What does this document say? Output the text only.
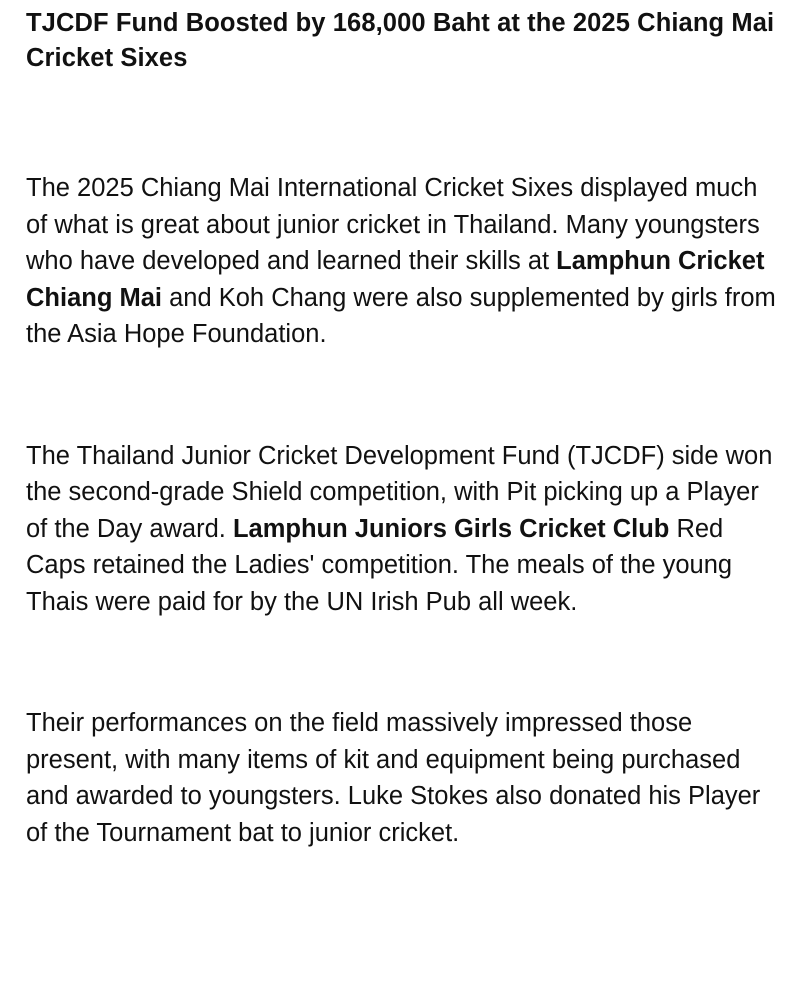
TJCDF Fund Boosted by 168,000 Baht at the 2025 Chiang Mai Cricket Sixes

The 2025 Chiang Mai International Cricket Sixes displayed much of what is great about junior cricket in Thailand. Many youngsters who have developed and learned their skills at Lamphun Cricket Chiang Mai and Koh Chang were also supplemented by girls from the Asia Hope Foundation.

The Thailand Junior Cricket Development Fund (TJCDF) side won the second-grade Shield competition, with Pit picking up a Player of the Day award. Lamphun Juniors Girls Cricket Club Red Caps retained the Ladies' competition. The meals of the young Thais were paid for by the UN Irish Pub all week.

Their performances on the field massively impressed those present, with many items of kit and equipment being purchased and awarded to youngsters. Luke Stokes also donated his Player of the Tournament bat to junior cricket.
